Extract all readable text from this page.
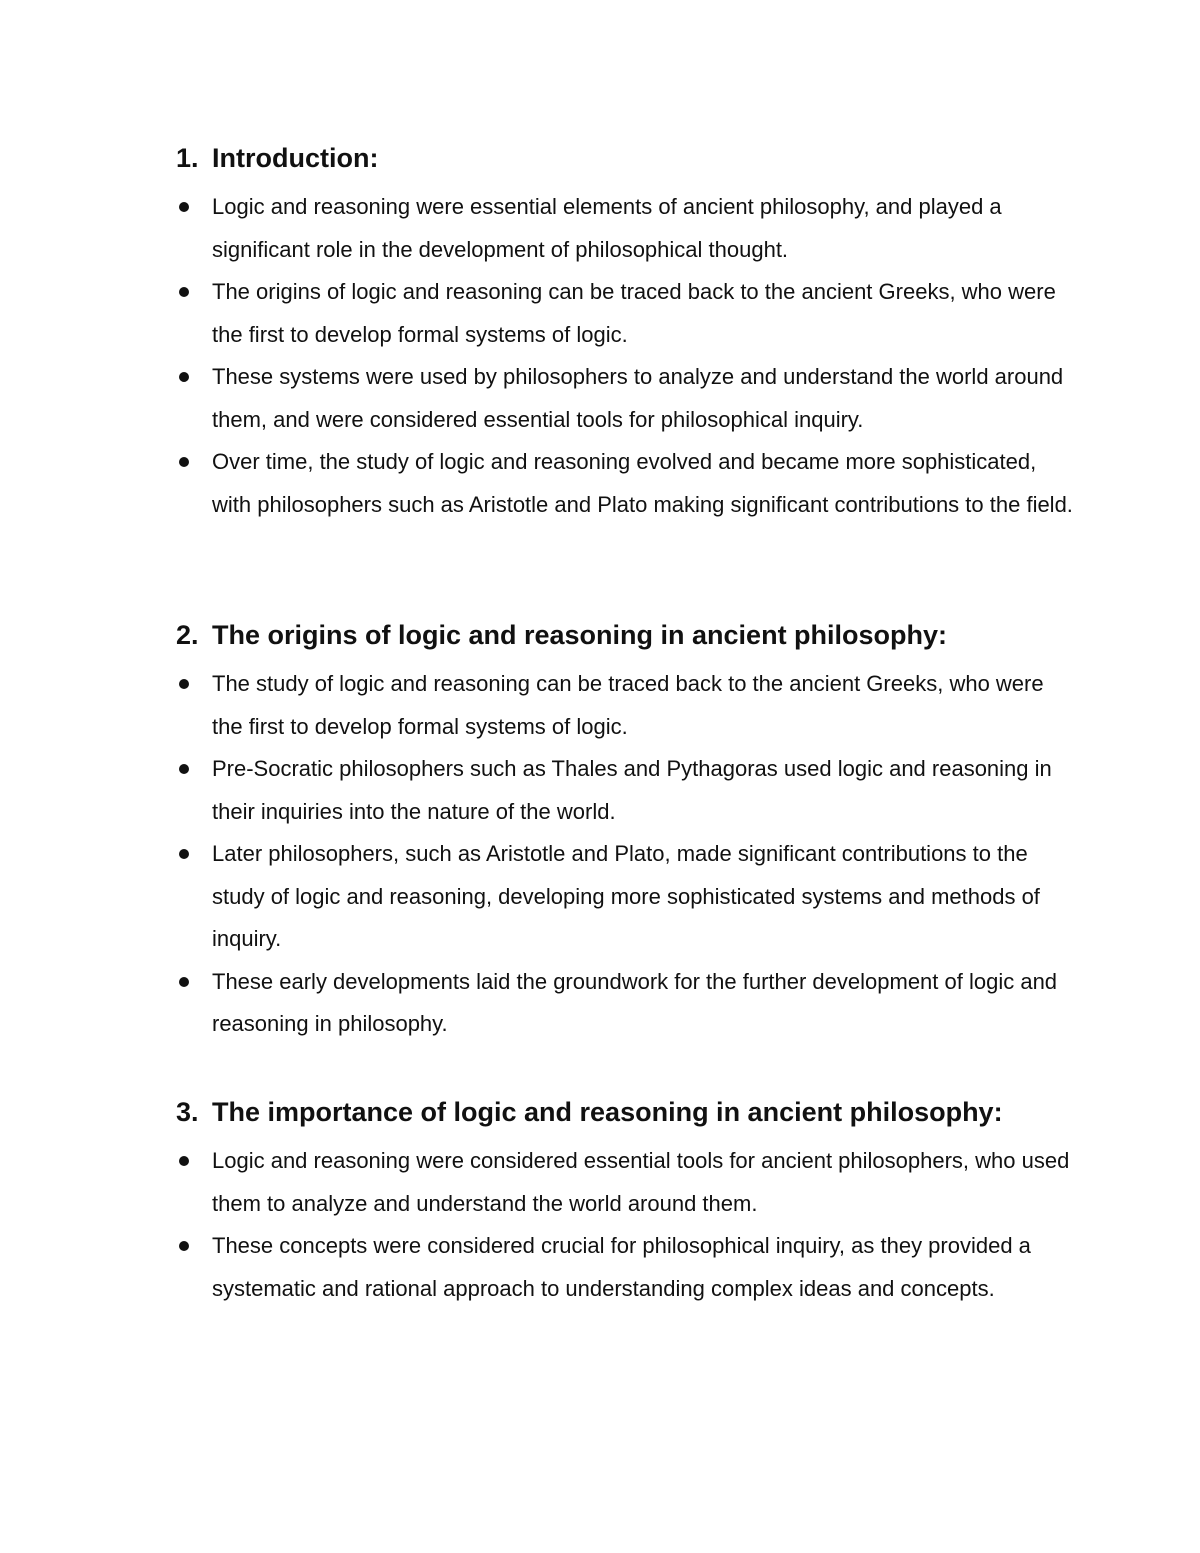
1. Introduction:
Logic and reasoning were essential elements of ancient philosophy, and played a significant role in the development of philosophical thought.
The origins of logic and reasoning can be traced back to the ancient Greeks, who were the first to develop formal systems of logic.
These systems were used by philosophers to analyze and understand the world around them, and were considered essential tools for philosophical inquiry.
Over time, the study of logic and reasoning evolved and became more sophisticated, with philosophers such as Aristotle and Plato making significant contributions to the field.
2. The origins of logic and reasoning in ancient philosophy:
The study of logic and reasoning can be traced back to the ancient Greeks, who were the first to develop formal systems of logic.
Pre-Socratic philosophers such as Thales and Pythagoras used logic and reasoning in their inquiries into the nature of the world.
Later philosophers, such as Aristotle and Plato, made significant contributions to the study of logic and reasoning, developing more sophisticated systems and methods of inquiry.
These early developments laid the groundwork for the further development of logic and reasoning in philosophy.
3. The importance of logic and reasoning in ancient philosophy:
Logic and reasoning were considered essential tools for ancient philosophers, who used them to analyze and understand the world around them.
These concepts were considered crucial for philosophical inquiry, as they provided a systematic and rational approach to understanding complex ideas and concepts.
